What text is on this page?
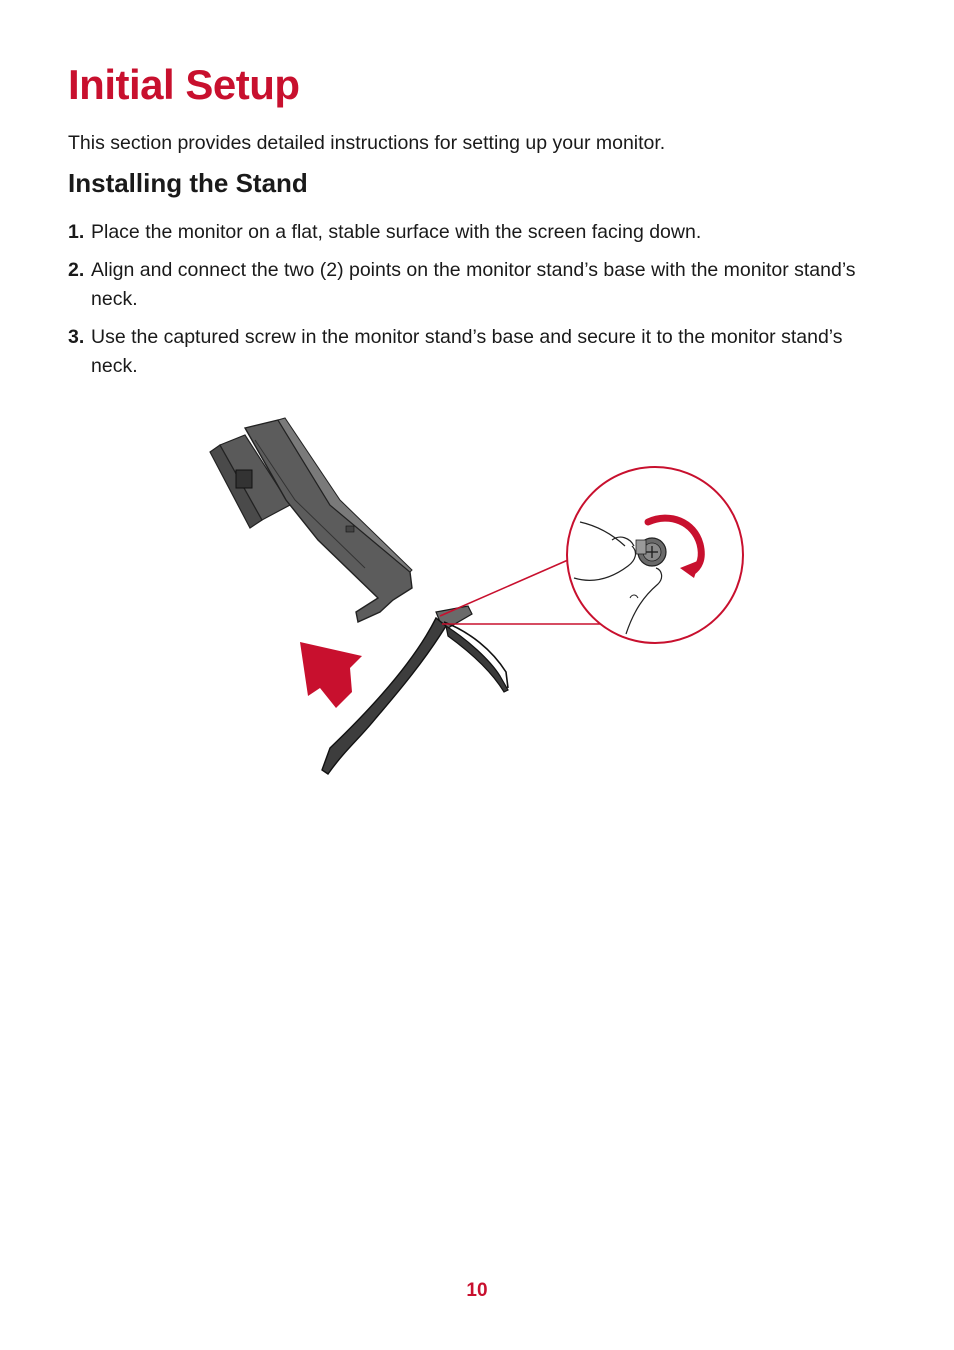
Initial Setup

This section provides detailed instructions for setting up your monitor.

Installing the Stand
1. Place the monitor on a flat, stable surface with the screen facing down.
2. Align and connect the two (2) points on the monitor stand’s base with the monitor stand’s neck.
3. Use the captured screw in the monitor stand’s base and secure it to the monitor stand’s neck.
10
